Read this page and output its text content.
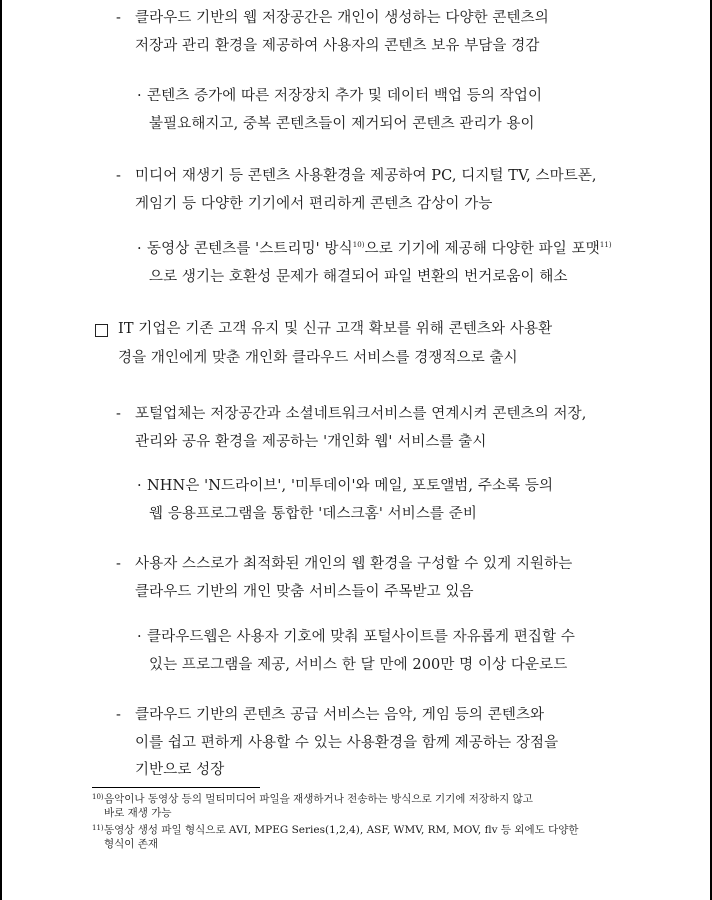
- 클라우드 기반의 웹 저장공간은 개인이 생성하는 다양한 콘텐츠의

저장과 관리 환경을 제공하여 사용자의 콘텐츠 보유 부담을 경감

· 콘텐츠 증가에 따른 저장장치 추가 및 데이터 백업 등의 작업이

불필요해지고, 중복 콘텐츠들이 제거되어 콘텐츠 관리가 용이

- 미디어 재생기 등 콘텐츠 사용환경을 제공하여 PC, 디지털 TV, 스마트폰,

게임기 등 다양한 기기에서 편리하게 콘텐츠 감상이 가능

· 동영상 콘텐츠를 '스트리밍' 방식$^{10)}$으로 기기에 제공해 다양한 파일 포맷$^{11)}$

으로 생기는 호환성 문제가 해결되어 파일 변환의 번거로움이 해소

IT 기업은 기존 고객 유지 및 신규 고객 확보를 위해 콘텐츠와 사용환

경을 개인에게 맞춘 개인화 클라우드 서비스를 경쟁적으로 출시

- 포털업체는 저장공간과 소셜네트워크서비스를 연계시켜 콘텐츠의 저장,

관리와 공유 환경을 제공하는 '개인화 웹' 서비스를 출시

· NHN은 'N드라이브', '미투데이'와 메일, 포토앨범, 주소록 등의

웹 응용프로그램을 통합한 '데스크홈' 서비스를 준비

- 사용자 스스로가 최적화된 개인의 웹 환경을 구성할 수 있게 지원하는

클라우드 기반의 개인 맞춤 서비스들이 주목받고 있음

· 클라우드웹은 사용자 기호에 맞춰 포털사이트를 자유롭게 편집할 수

있는 프로그램을 제공, 서비스 한 달 만에 200만 명 이상 다운로드

- 클라우드 기반의 콘텐츠 공급 서비스는 음악, 게임 등의 콘텐츠와

이를 쉽고 편하게 사용할 수 있는 사용환경을 함께 제공하는 장점을

기반으로 성장

10) 음악이나 동영상 등의 멀티미디어 파일을 재생하거나 전송하는 방식으로 기기에 저장하지 않고

바로 재생 가능

11) 동영상 생성 파일 형식으로 AVI, MPEG Series(1,2,4), ASF, WMV, RM, MOV, flv 등 외에도 다양한

형식이 존재
